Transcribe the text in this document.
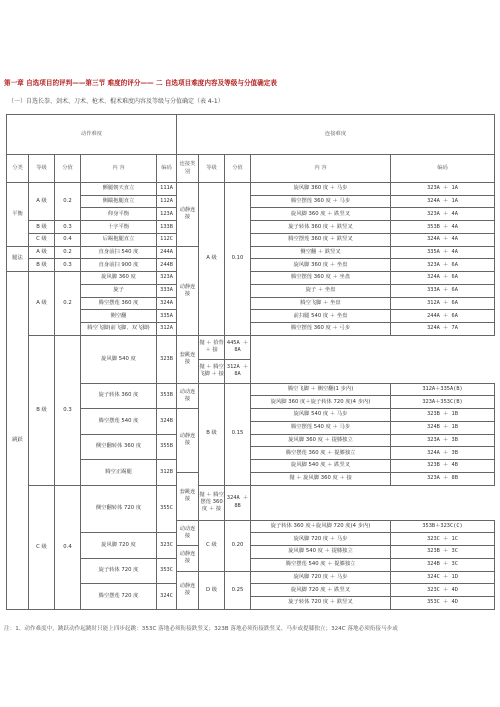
第一章 自选项目的评判——第三节 难度的评分—— 二 自选项目难度内容及等级与分值确定表
（一）自选长拳、剑术、刀术、枪术、棍术难度内容及等级与分值确定（表 4-1）
动作难度					连接难度				
分类	等级	分值	内 容	编码	连接类别	等级	分值	内 容	编码
平衡	A 级	0.2	颤腿朝天直立	111A	动静连接	A 级	0.10	旋风脚 360 度 ＋ 马步	323A ＋ 1A
			侧踹抱腿直立	112A				腾空摆莲 360 度 ＋ 马步	324A ＋ 1A
			仰身平衡	123A				旋风脚 360 度 ＋ 跌竖叉	323A ＋ 4A
	B 级	0.3	十字平衡	133B				旋子转体 360 度 ＋ 跌竖叉	353B ＋ 4A
	C 级	0.4	后踢抱腿直立	112C				腾空摆莲 360 度 ＋ 跌竖叉	324A ＋ 4A
腿法	A 级	0.2	直身前扫 540 度	244A	动静连接			侧空翻 ＋ 跌竖叉	335A ＋ 4A
	B 级	0.3	直身前扫 900 度	244B				旋风脚 360 度 ＋ 坐盘	323A ＋ 6A
跳跃	A 级	0.2	旋风脚 360 度	323A				腾空摆莲 360 度 ＋ 坐盘	324A ＋ 6A
			旋子	333A				旋子 ＋ 坐盘	333A ＋ 6A
			腾空摆莲 360 度	324A				腾空飞脚 ＋ 坐盘	312A ＋ 6A
			侧空翻	335A				前扫腿 540 度 ＋ 坐盘	244A ＋ 6A
			腾空飞脚(前飞脚、双飞脚)	312A				腾空摆莲 360 度 ＋ 弓步	324A ＋ 7A
	B 级	0.3	旋风脚 540 度	323B	套跳连接	抛 ＋ 拾背 ＋ 接	445A ＋ 8A		
						抛 ＋ 腾空飞脚 ＋ 接	312A ＋ 8A		
			旋子转体 360 度	353B	动动连接	B 级	0.15	腾空飞脚 ＋ 侧空翻(1 步内)	312A＋335A(B)
								旋风脚 360 度＋旋子转体 720 度(4 步内)	323A＋353C(B)
			腾空摆莲 540 度	324B	动静连接			旋风脚 540 度 ＋ 马步	323B ＋ 1B
								腾空摆莲 540 度 ＋ 马步	324B ＋ 1B
			侧空翻转体 360 度	355B				旋风脚 360 度 ＋ 提膝独立	323A ＋ 3B
								腾空摆莲 360 度 ＋ 提膝独立	324A ＋ 3B
			腾空正踢腿	312B				旋风脚 540 度 ＋ 跌竖叉	323B ＋ 4B
					套跳连接			抛 ＋ 旋风脚 360 度 ＋ 接	323A ＋ 8B
	C 级	0.4	侧空翻转体 720 度	355C		抛 ＋ 腾空摆莲 360 度 ＋ 接	324A ＋ 8B		
					动动连接	C 级	0.20	旋子转体 360 度＋旋风脚 720 度(4 步内)	353B＋323C(C)
			旋风脚 720 度	323C				旋风脚 720 度 ＋ 马步	323C ＋ 1C
					动静连接			旋风脚 540 度 ＋ 提膝独立	323B ＋ 3C
			旋子转体 720 度	353C				腾空摆莲 540 度 ＋ 提膝独立	324B ＋ 3C
					动静连接	D 级	0.25	旋风脚 720 度 ＋ 马步	324C ＋ 1D
			腾空摆莲 720 度	324C				旋风脚 720 度 ＋ 跌竖叉	323C ＋ 4D
								旋子转体 720 度 ＋ 跌竖叉	353C ＋ 4D
注：1、动作难度中，跳跃动作起跳时只能上四步起跳：353C 落地必须衔接跌竖叉；323B 落地必须衔接跌竖叉、马步或提膝独立；324C 落地必须衔接马步或
